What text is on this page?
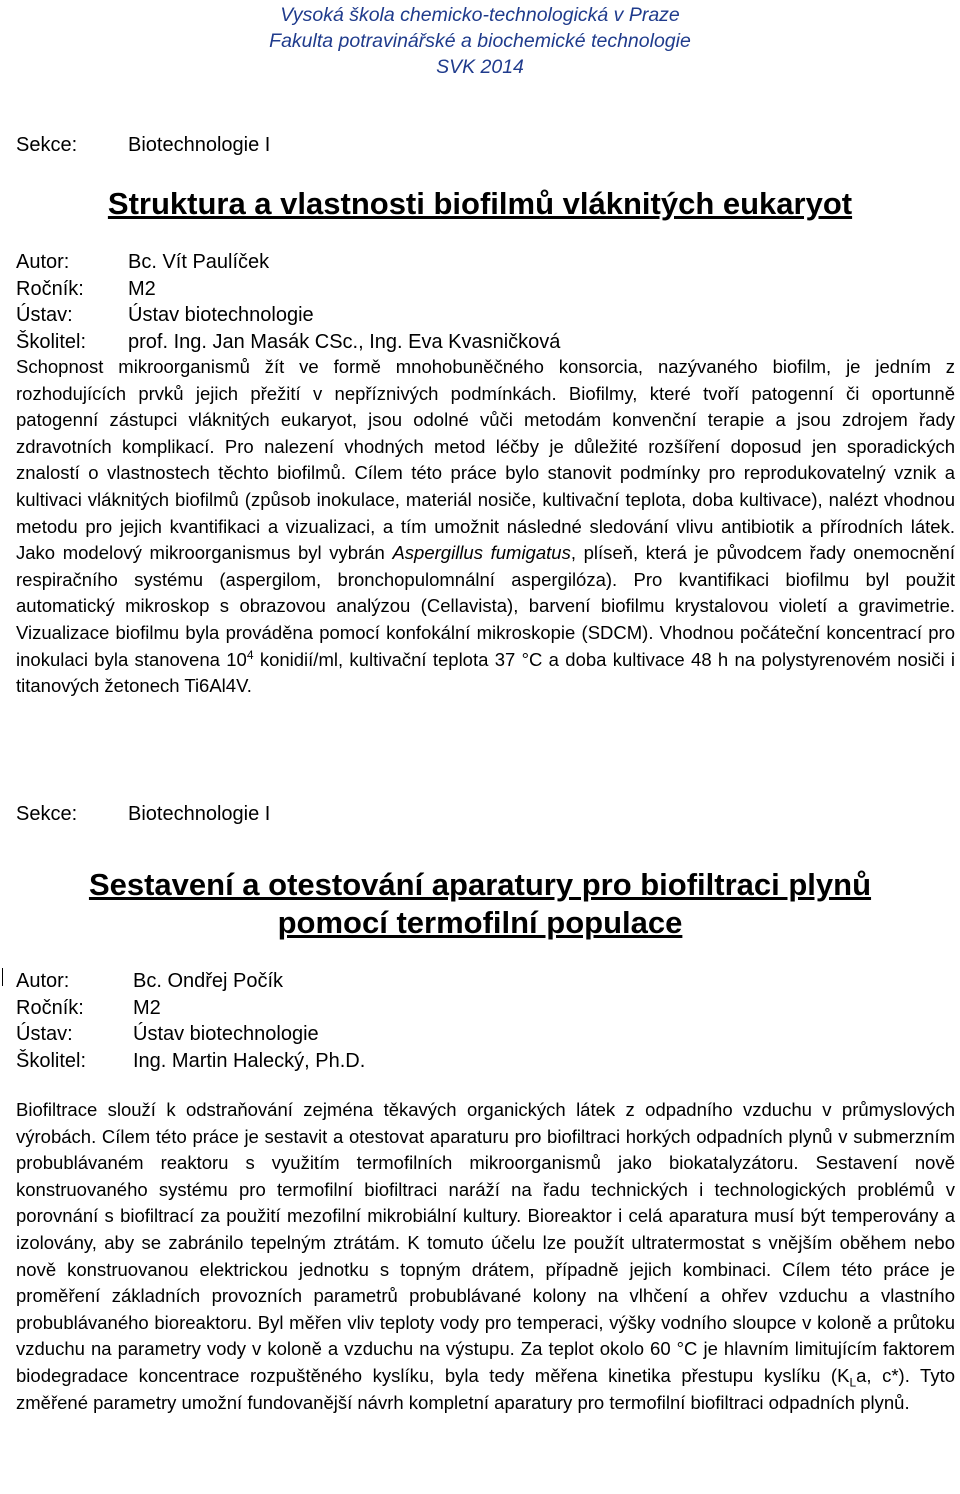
Vysoká škola chemicko-technologická v Praze
Fakulta potravinářské a biochemické technologie
SVK 2014
Sekce:	Biotechnologie I
Struktura a vlastnosti biofilmů vláknitých eukaryot
Autor:	Bc. Vít Paulíček
Ročník: M2
Ústav:	Ústav biotechnologie
Školitel: prof. Ing. Jan Masák CSc., Ing. Eva Kvasničková
Schopnost mikroorganismů žít ve formě mnohobuněčného konsorcia, nazývaného biofilm, je jedním z rozhodujících prvků jejich přežití v nepříznivých podmínkách. Biofilmy, které tvoří patogenní či oportunně patogenní zástupci vláknitých eukaryot, jsou odolné vůči metodám konvenční terapie a jsou zdrojem řady zdravotních komplikací. Pro nalezení vhodných metod léčby je důležité rozšíření doposud jen sporadických znalostí o vlastnostech těchto biofilmů. Cílem této práce bylo stanovit podmínky pro reprodukovatelný vznik a kultivaci vláknitých biofilmů (způsob inokulace, materiál nosiče, kultivační teplota, doba kultivace), nalézt vhodnou metodu pro jejich kvantifikaci a vizualizaci, a tím umožnit následné sledování vlivu antibiotik a přírodních látek. Jako modelový mikroorganismus byl vybrán Aspergillus fumigatus, plíseň, která je původcem řady onemocnění respiračního systému (aspergilom, bronchopulomnální aspergilóza). Pro kvantifikaci biofilmu byl použit automatický mikroskop s obrazovou analýzou (Cellavista), barvení biofilmu krystalovou violetí a gravimetrie. Vizualizace biofilmu byla prováděna pomocí konfokální mikroskopie (SDCM). Vhodnou počáteční koncentrací pro inokulaci byla stanovena $10^4$ konidií/ml, kultivační teplota 37 °C a doba kultivace 48 h na polystyrenovém nosiči i titanových žetonech Ti6Al4V.
Sekce:	Biotechnologie I
Sestavení a otestování aparatury pro biofiltraci plynů
pomocí termofilní populace
Autor:	Bc. Ondřej Počík
Ročník: M2
Ústav:	Ústav biotechnologie
Školitel: Ing. Martin Halecký, Ph.D.
Biofiltrace slouží k odstraňování zejména těkavých organických látek z odpadního vzduchu v průmyslových výrobách. Cílem této práce je sestavit a otestovat aparaturu pro biofiltraci horkých odpadních plynů v submerzním probublávaném reaktoru s využitím termofilních mikroorganismů jako biokatalyzátoru. Sestavení nově konstruovaného systému pro termofilní biofiltraci naráží na řadu technických i technologických problémů v porovnání s biofiltrací za použití mezofilní mikrobiální kultury. Bioreaktor i celá aparatura musí být temperovány a izolovány, aby se zabránilo tepelným ztrátám. K tomuto účelu lze použít ultratermostat s vnějším oběhem nebo nově konstruovanou elektrickou jednotku s topným drátem, případně jejich kombinaci. Cílem této práce je proměření základních provozních parametrů probublávané kolony na vlhčení a ohřev vzduchu a vlastního probublávaného bioreaktoru. Byl měřen vliv teploty vody pro temperaci, výšky vodního sloupce v koloně a průtoku vzduchu na parametry vody v koloně a vzduchu na výstupu. Za teplot okolo 60 °C je hlavním limitujícím faktorem biodegradace koncentrace rozpuštěného kyslíku, byla tedy měřena kinetika přestupu kyslíku ($K_La$, c*). Tyto změřené parametry umožní fundovanější návrh kompletní aparatury pro termofilní biofiltraci odpadních plynů.
